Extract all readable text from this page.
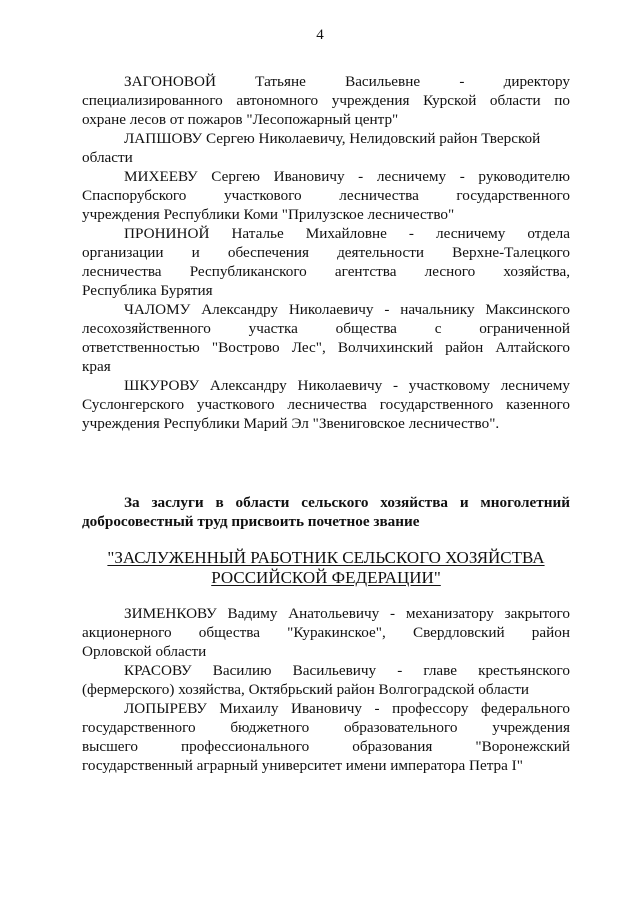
4
ЗАГОНОВОЙ Татьяне Васильевне - директору
специализированного автономного учреждения Курской области по
охране лесов от пожаров "Лесопожарный центр"
ЛАПШОВУ Сергею Николаевичу, Нелидовский район Тверской
области
МИХЕЕВУ Сергею Ивановичу - лесничему - руководителю
Спаспорубского участкового лесничества государственного
учреждения Республики Коми "Прилузское лесничество"
ПРОНИНОЙ Наталье Михайловне - лесничему отдела
организации и обеспечения деятельности Верхне-Талецкого
лесничества Республиканского агентства лесного хозяйства,
Республика Бурятия
ЧАЛОМУ Александру Николаевичу - начальнику Максинского
лесохозяйственного участка общества с ограниченной
ответственностью "Вострово Лес", Волчихинский район Алтайского
края
ШКУРОВУ Александру Николаевичу - участковому лесничему
Суслонгерского участкового лесничества государственного казенного
учреждения Республики Марий Эл "Звениговское лесничество".
За заслуги в области сельского хозяйства и многолетний
добросовестный труд присвоить почетное звание
"ЗАСЛУЖЕННЫЙ РАБОТНИК СЕЛЬСКОГО ХОЗЯЙСТВА
РОССИЙСКОЙ ФЕДЕРАЦИИ"
ЗИМЕНКОВУ Вадиму Анатольевичу - механизатору закрытого
акционерного общества "Куракинское", Свердловский район
Орловской области
КРАСОВУ Василию Васильевичу - главе крестьянского
(фермерского) хозяйства, Октябрьский район Волгоградской области
ЛОПЫРЕВУ Михаилу Ивановичу - профессору федерального
государственного бюджетного образовательного учреждения
высшего профессионального образования "Воронежский
государственный аграрный университет имени императора Петра I"
